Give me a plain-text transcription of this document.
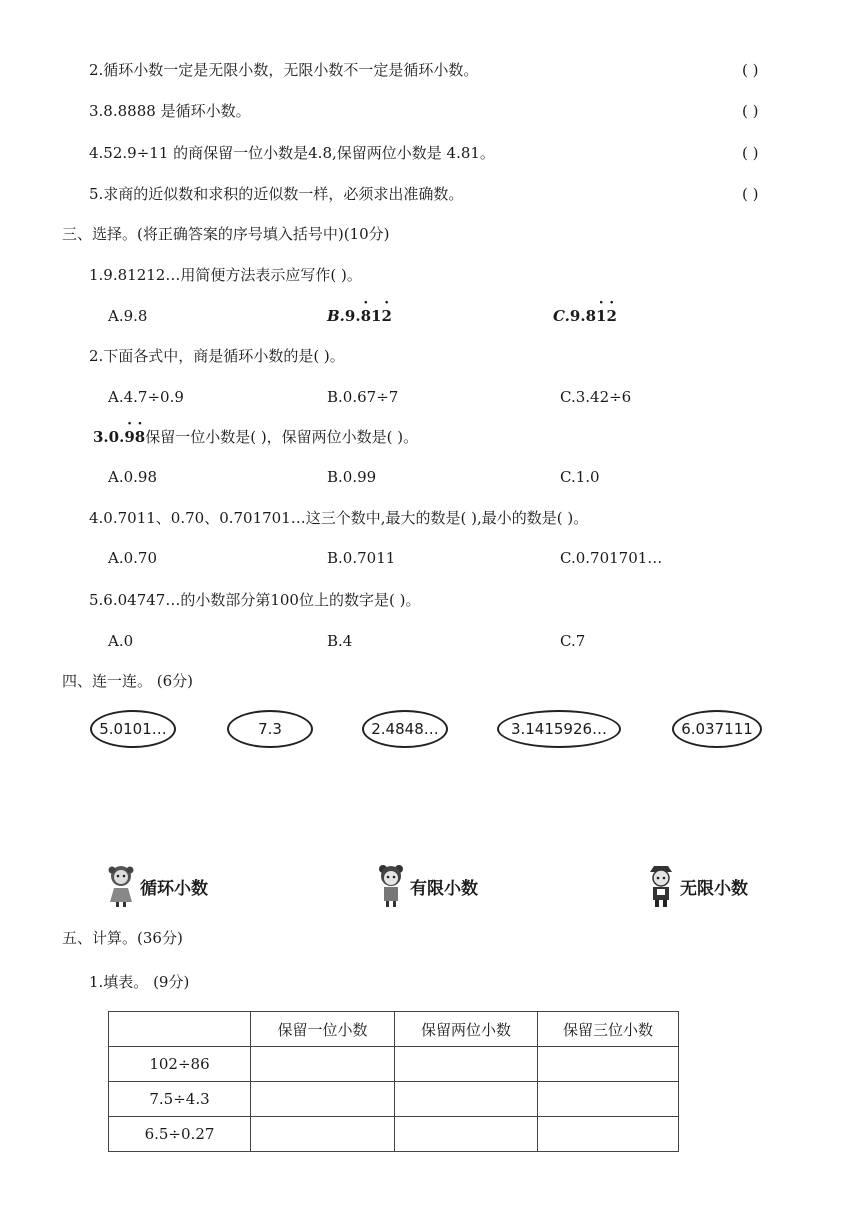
2.循环小数一定是无限小数，无限小数不一定是循环小数。	( )
3.8.8888 是循环小数。	( )
4.52.9÷11 的商保留一位小数是4.8,保留两位小数是 4.81。	( )
5.求商的近似数和求积的近似数一样，必须求出准确数。	( )
三、选择。(将正确答案的序号填入括号中)(10分)
1.9.81212…用简便方法表示应写作( )。
A.9.8	B.9.
·
81
·
2	C.9.8
·
1
·
2
2.下面各式中，商是循环小数的是( )。
A.4.7÷0.9	B.0.67÷7	C.3.42÷6
3.0.
·
9
·
8保留一位小数是( )，保留两位小数是( )。
A.0.98	B.0.99	C.1.0
4.0.7011、0.70、0.701701…这三个数中,最大的数是( ),最小的数是( )。
A.0.70	B.0.7011	C.0.701701…
5.6.04747…的小数部分第100位上的数字是( )。
A.0	B.4	C.7
四、连一连。 (6分)
5.0101…	7.3	2.4848…	3.1415926…	6.037111
循环小数	有限小数	无限小数
五、计算。(36分)
1.填表。 (9分)
	保留一位小数	保留两位小数	保留三位小数
102÷86			
7.5÷4.3			
6.5÷0.27			
